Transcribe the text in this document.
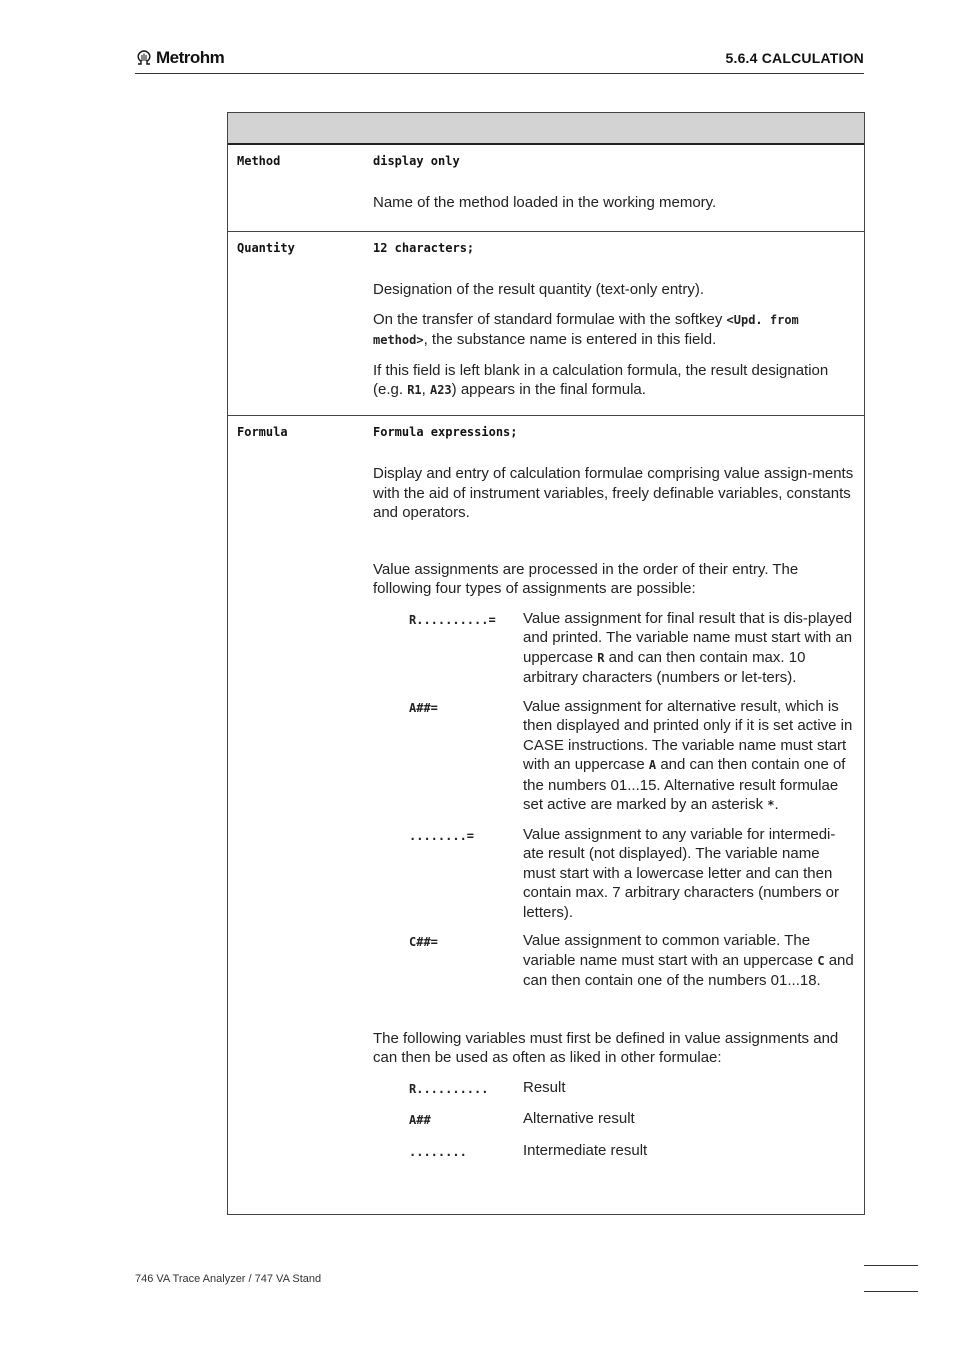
Metrohm	5.6.4 CALCULATION
Method	display only

Name of the method loaded in the working memory.

Quantity	12 characters;

Designation of the result quantity (text-only entry).

On the transfer of standard formulae with the softkey <Upd. from method>, the substance name is entered in this field.

If this field is left blank in a calculation formula, the result designation (e.g. R1, A23) appears in the final formula.

Formula	Formula expressions;

Display and entry of calculation formulae comprising value assign-ments with the aid of instrument variables, freely definable variables, constants and operators.

Value assignments are processed in the order of their entry. The following four types of assignments are possible:

R..........=	Value assignment for final result that is dis-played and printed. The variable name must start with an uppercase R and can then contain max. 10 arbitrary characters (numbers or let-ters).
A##=	Value assignment for alternative result, which is then displayed and printed only if it is set active in CASE instructions. The variable name must start with an uppercase A and can then contain one of the numbers 01...15. Alternative result formulae set active are marked by an asterisk *.
........=	Value assignment to any variable for intermedi-ate result (not displayed). The variable name must start with a lowercase letter and can then contain max. 7 arbitrary characters (numbers or letters).
C##=	Value assignment to common variable. The variable name must start with an uppercase C and can then contain one of the numbers 01...18.

The following variables must first be defined in value assignments and can then be used as often as liked in other formulae:

R..........	Result
A##	Alternative result
........	Intermediate result
746 VA Trace Analyzer / 747 VA Stand
